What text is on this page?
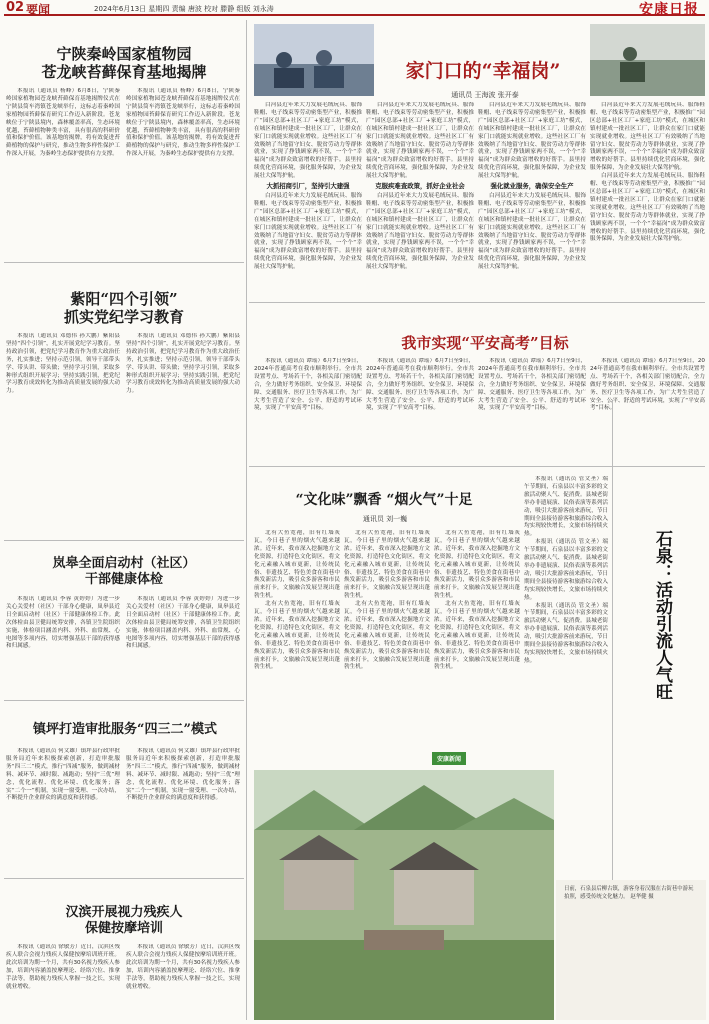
02 要闻	2024年6月13日 星期四 责编 唐波 校对 滕静 组版 刘永涛	安康日报
宁陕秦岭国家植物园
苍龙峡苔藓保育基地揭牌

本报讯（通讯员 杨峰）6月8日，宁陕秦岭国家植物园苍龙峡苔藓保育基地揭牌仪式在宁陕县筒车湾镇苍龙峡举行，这标志着秦岭国家植物园苔藓保育研究工作迈入新阶段。苍龙峡位于宁陕县境内，森林覆盖率高，生态环境优越，苔藓植物种类丰富，具有很高的科研价值和保护价值。该基地的揭牌，将有效促进苔藓植物的保护与研究，推动生物多样性保护工作深入开展，为秦岭生态保护提供有力支撑。

本报讯（通讯员 杨峰）6月8日，宁陕秦岭国家植物园苍龙峡苔藓保育基地揭牌仪式在宁陕县筒车湾镇苍龙峡举行，这标志着秦岭国家植物园苔藓保育研究工作迈入新阶段。苍龙峡位于宁陕县境内，森林覆盖率高，生态环境优越，苔藓植物种类丰富，具有很高的科研价值和保护价值。该基地的揭牌，将有效促进苔藓植物的保护与研究，推动生物多样性保护工作深入开展，为秦岭生态保护提供有力支撑。

紫阳“四个引领”
抓实党纪学习教育

本报讯（通讯员 邓德伟 孙大鹏）紫阳县坚持“四个引领”，扎实开展党纪学习教育。坚持政治引领，把党纪学习教育作为重大政治任务，扎实推进；坚持示范引领，领导干部带头学、带头讲、带头做；坚持学习引领，采取多种形式组织开展学习；坚持实践引领，把党纪学习教育成效转化为推动高质量发展的强大动力。

本报讯（通讯员 邓德伟 孙大鹏）紫阳县坚持“四个引领”，扎实开展党纪学习教育。坚持政治引领，把党纪学习教育作为重大政治任务，扎实推进；坚持示范引领，领导干部带头学、带头讲、带头做；坚持学习引领，采取多种形式组织开展学习；坚持实践引领，把党纪学习教育成效转化为推动高质量发展的强大动力。

岚皋全面启动村（社区）
干部健康体检

本报讯（通讯员 李蓉 黄婷婷）为进一步关心关爱村（社区）干部身心健康，岚皋县近日全面启动村（社区）干部健康体检工作。此次体检由县卫健局统筹安排，各镇卫生院组织实施，体检项目涵盖内科、外科、血常规、心电图等多项内容，切实增强基层干部的获得感和归属感。

本报讯（通讯员 李蓉 黄婷婷）为进一步关心关爱村（社区）干部身心健康，岚皋县近日全面启动村（社区）干部健康体检工作。此次体检由县卫健局统筹安排，各镇卫生院组织实施，体检项目涵盖内科、外科、血常规、心电图等多项内容，切实增强基层干部的获得感和归属感。

镇坪打造审批服务“四三二”模式

本报讯（通讯员 何文雄）镇坪县行政审批服务局近年来积极探索创新，打造审批服务“四三二”模式，推行“四减”服务，做到减材料、减环节、减时限、减跑动；坚持“三优”理念，优化流程、优化环境、优化服务；落实“二个一”机制，实现一窗受理、一次办结，不断提升企业群众的满意度和获得感。

本报讯（通讯员 何文雄）镇坪县行政审批服务局近年来积极探索创新，打造审批服务“四三二”模式，推行“四减”服务，做到减材料、减环节、减时限、减跑动；坚持“三优”理念，优化流程、优化环境、优化服务；落实“二个一”机制，实现一窗受理、一次办结，不断提升企业群众的满意度和获得感。

汉滨开展视力残疾人
保健按摩培训

本报讯（通讯员 徐敏芳）近日，汉滨区残疾人联合会视力残疾人保健按摩培训班开班。此次培训为期一个月，共有30名视力残疾人参加，培训内容涵盖按摩理论、经络穴位、推拿手法等，帮助视力残疾人掌握一技之长，实现就业增收。

本报讯（通讯员 徐敏芳）近日，汉滨区残疾人联合会视力残疾人保健按摩培训班开班。此次培训为期一个月，共有30名视力残疾人参加，培训内容涵盖按摩理论、经络穴位、推拿手法等，帮助视力残疾人掌握一技之长，实现就业增收。

家门口的“幸福岗”
通讯员 王海波 张开泰

白河县近年来大力发展毛绒玩具、服饰鞋帽、电子线束等劳动密集型产业，积极推广“园区总部+社区工厂+家庭工坊”模式，在城区和镇村建成一批社区工厂，让群众在家门口就能实现就业增收。这些社区工厂有效吸纳了当地留守妇女、脱贫劳动力等群体就业，实现了挣钱顾家两不误，一个个“幸福岗”成为群众致富增收的好帮手。县里持续优化营商环境，强化服务保障，为企业发展壮大保驾护航。

大抓招商引厂，坚持引大建强

白河县近年来大力发展毛绒玩具、服饰鞋帽、电子线束等劳动密集型产业，积极推广“园区总部+社区工厂+家庭工坊”模式，在城区和镇村建成一批社区工厂，让群众在家门口就能实现就业增收。这些社区工厂有效吸纳了当地留守妇女、脱贫劳动力等群体就业，实现了挣钱顾家两不误，一个个“幸福岗”成为群众致富增收的好帮手。县里持续优化营商环境，强化服务保障，为企业发展壮大保驾护航。

白河县近年来大力发展毛绒玩具、服饰鞋帽、电子线束等劳动密集型产业，积极推广“园区总部+社区工厂+家庭工坊”模式，在城区和镇村建成一批社区工厂，让群众在家门口就能实现就业增收。这些社区工厂有效吸纳了当地留守妇女、脱贫劳动力等群体就业，实现了挣钱顾家两不误，一个个“幸福岗”成为群众致富增收的好帮手。县里持续优化营商环境，强化服务保障，为企业发展壮大保驾护航。

克服疾难查政策，抓好企业社会

白河县近年来大力发展毛绒玩具、服饰鞋帽、电子线束等劳动密集型产业，积极推广“园区总部+社区工厂+家庭工坊”模式，在城区和镇村建成一批社区工厂，让群众在家门口就能实现就业增收。这些社区工厂有效吸纳了当地留守妇女、脱贫劳动力等群体就业，实现了挣钱顾家两不误，一个个“幸福岗”成为群众致富增收的好帮手。县里持续优化营商环境，强化服务保障，为企业发展壮大保驾护航。

白河县近年来大力发展毛绒玩具、服饰鞋帽、电子线束等劳动密集型产业，积极推广“园区总部+社区工厂+家庭工坊”模式，在城区和镇村建成一批社区工厂，让群众在家门口就能实现就业增收。这些社区工厂有效吸纳了当地留守妇女、脱贫劳动力等群体就业，实现了挣钱顾家两不误，一个个“幸福岗”成为群众致富增收的好帮手。县里持续优化营商环境，强化服务保障，为企业发展壮大保驾护航。

强化就业服务，确保安全生产

白河县近年来大力发展毛绒玩具、服饰鞋帽、电子线束等劳动密集型产业，积极推广“园区总部+社区工厂+家庭工坊”模式，在城区和镇村建成一批社区工厂，让群众在家门口就能实现就业增收。这些社区工厂有效吸纳了当地留守妇女、脱贫劳动力等群体就业，实现了挣钱顾家两不误，一个个“幸福岗”成为群众致富增收的好帮手。县里持续优化营商环境，强化服务保障，为企业发展壮大保驾护航。

白河县近年来大力发展毛绒玩具、服饰鞋帽、电子线束等劳动密集型产业，积极推广“园区总部+社区工厂+家庭工坊”模式，在城区和镇村建成一批社区工厂，让群众在家门口就能实现就业增收。这些社区工厂有效吸纳了当地留守妇女、脱贫劳动力等群体就业，实现了挣钱顾家两不误，一个个“幸福岗”成为群众致富增收的好帮手。县里持续优化营商环境，强化服务保障，为企业发展壮大保驾护航。

白河县近年来大力发展毛绒玩具、服饰鞋帽、电子线束等劳动密集型产业，积极推广“园区总部+社区工厂+家庭工坊”模式，在城区和镇村建成一批社区工厂，让群众在家门口就能实现就业增收。这些社区工厂有效吸纳了当地留守妇女、脱贫劳动力等群体就业，实现了挣钱顾家两不误，一个个“幸福岗”成为群众致富增收的好帮手。县里持续优化营商环境，强化服务保障，为企业发展壮大保驾护航。

我市实现“平安高考”目标

本报讯（通讯员 谭瑶）6月7日至9日，2024年普通高考在我市顺利举行。全市共设置考点、考场若干个，各相关部门密切配合，全力做好考务组织、安全保卫、环境保障、交通服务、医疗卫生等各项工作，为广大考生营造了安全、公平、舒适的考试环境，实现了“平安高考”目标。

本报讯（通讯员 谭瑶）6月7日至9日，2024年普通高考在我市顺利举行。全市共设置考点、考场若干个，各相关部门密切配合，全力做好考务组织、安全保卫、环境保障、交通服务、医疗卫生等各项工作，为广大考生营造了安全、公平、舒适的考试环境，实现了“平安高考”目标。

本报讯（通讯员 谭瑶）6月7日至9日，2024年普通高考在我市顺利举行。全市共设置考点、考场若干个，各相关部门密切配合，全力做好考务组织、安全保卫、环境保障、交通服务、医疗卫生等各项工作，为广大考生营造了安全、公平、舒适的考试环境，实现了“平安高考”目标。

本报讯（通讯员 谭瑶）6月7日至9日，2024年普通高考在我市顺利举行。全市共设置考点、考场若干个，各相关部门密切配合，全力做好考务组织、安全保卫、环境保障、交通服务、医疗卫生等各项工作，为广大考生营造了安全、公平、舒适的考试环境，实现了“平安高考”目标。

“文化味”飘香 “烟火气”十足
通讯员 刘一巍

北有大鱼宽袍，旧有红墙灰瓦，今日巷子里的烟火气越来越浓。近年来，我市深入挖掘地方文化资源，打造特色文化街区，将文化元素融入城市更新，让传统民俗、非遗技艺、特色美食在街巷中焕发新活力，吸引众多游客和市民前来打卡，文旅融合发展呈现出蓬勃生机。

北有大鱼宽袍，旧有红墙灰瓦，今日巷子里的烟火气越来越浓。近年来，我市深入挖掘地方文化资源，打造特色文化街区，将文化元素融入城市更新，让传统民俗、非遗技艺、特色美食在街巷中焕发新活力，吸引众多游客和市民前来打卡，文旅融合发展呈现出蓬勃生机。

北有大鱼宽袍，旧有红墙灰瓦，今日巷子里的烟火气越来越浓。近年来，我市深入挖掘地方文化资源，打造特色文化街区，将文化元素融入城市更新，让传统民俗、非遗技艺、特色美食在街巷中焕发新活力，吸引众多游客和市民前来打卡，文旅融合发展呈现出蓬勃生机。

北有大鱼宽袍，旧有红墙灰瓦，今日巷子里的烟火气越来越浓。近年来，我市深入挖掘地方文化资源，打造特色文化街区，将文化元素融入城市更新，让传统民俗、非遗技艺、特色美食在街巷中焕发新活力，吸引众多游客和市民前来打卡，文旅融合发展呈现出蓬勃生机。

北有大鱼宽袍，旧有红墙灰瓦，今日巷子里的烟火气越来越浓。近年来，我市深入挖掘地方文化资源，打造特色文化街区，将文化元素融入城市更新，让传统民俗、非遗技艺、特色美食在街巷中焕发新活力，吸引众多游客和市民前来打卡，文旅融合发展呈现出蓬勃生机。

北有大鱼宽袍，旧有红墙灰瓦，今日巷子里的烟火气越来越浓。近年来，我市深入挖掘地方文化资源，打造特色文化街区，将文化元素融入城市更新，让传统民俗、非遗技艺、特色美食在街巷中焕发新活力，吸引众多游客和市民前来打卡，文旅融合发展呈现出蓬勃生机。

安康新闻

本报讯（通讯员 管文圣）端午节期间，石泉县以丰富多彩的文旅活动聚人气、促消费。县城老街举办非遗展演、民俗表演等系列活动，吸引大批游客前来游玩，节日期间全县接待游客和旅游综合收入均实现较快增长，文旅市场持续火热。

本报讯（通讯员 管文圣）端午节期间，石泉县以丰富多彩的文旅活动聚人气、促消费。县城老街举办非遗展演、民俗表演等系列活动，吸引大批游客前来游玩，节日期间全县接待游客和旅游综合收入均实现较快增长，文旅市场持续火热。

本报讯（通讯员 管文圣）端午节期间，石泉县以丰富多彩的文旅活动聚人气、促消费。县城老街举办非遗展演、民俗表演等系列活动，吸引大批游客前来游玩，节日期间全县接待游客和旅游综合收入均实现较快增长，文旅市场持续火热。	石泉：活动引流人气旺
日前，石泉县后柳古镇，游客身着汉服在古街巷中游玩拍照，感受传统文化魅力。 赵华健 摄
